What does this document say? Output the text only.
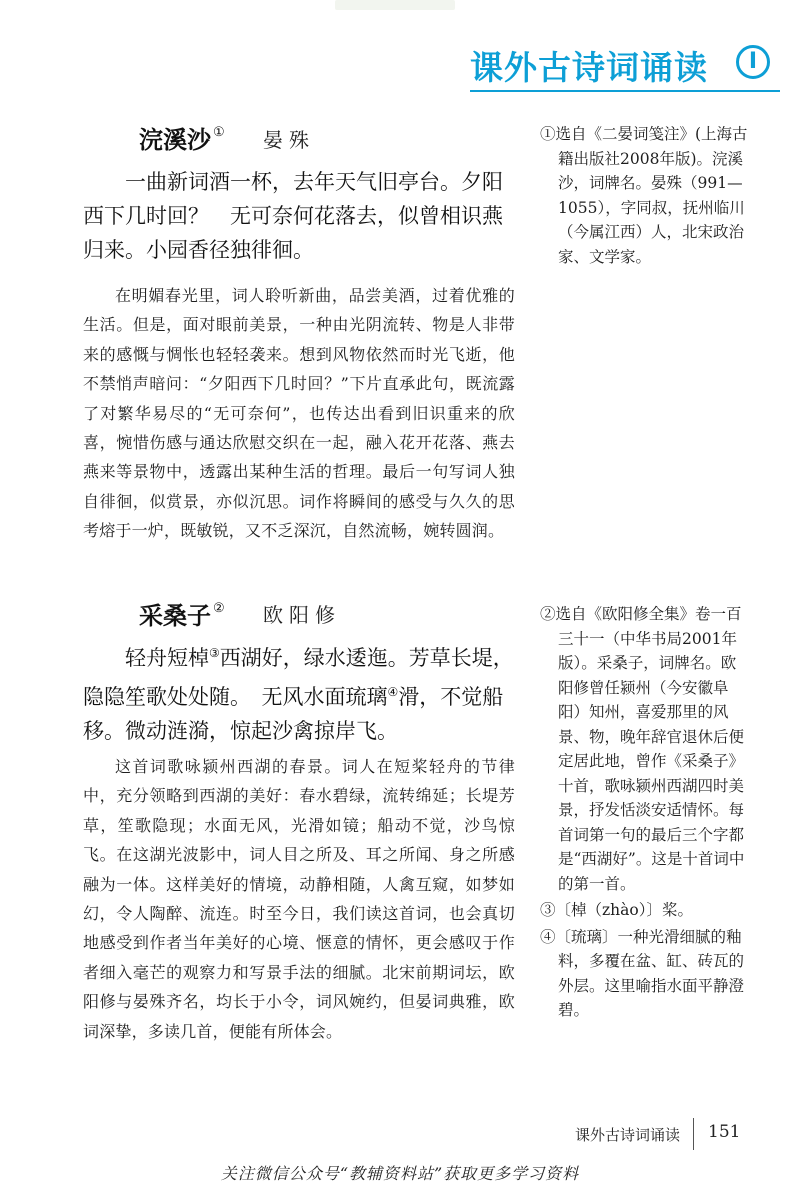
课外古诗词诵读	Ⅰ
浣溪沙 ① 晏殊
一曲新词酒一杯，去年天气旧亭台。夕阳西下几时回？　无可奈何花落去，似曾相识燕归来。小园香径独徘徊。
在明媚春光里，词人聆听新曲，品尝美酒，过着优雅的生活。但是，面对眼前美景，一种由光阴流转、物是人非带来的感慨与惆怅也轻轻袭来。想到风物依然而时光飞逝，他不禁悄声暗问：“夕阳西下几时回？”下片直承此句，既流露了对繁华易尽的“无可奈何”，也传达出看到旧识重来的欣喜，惋惜伤感与通达欣慰交织在一起，融入花开花落、燕去燕来等景物中，透露出某种生活的哲理。最后一句写词人独自徘徊，似赏景，亦似沉思。词作将瞬间的感受与久久的思考熔于一炉，既敏锐，又不乏深沉，自然流畅，婉转圆润。
采桑子 ② 欧阳修
轻舟短棹③西湖好，绿水逶迤。芳草长堤，隐隐笙歌处处随。　无风水面琉璃④滑，不觉船移。微动涟漪，惊起沙禽掠岸飞。
这首词歌咏颍州西湖的春景。词人在短桨轻舟的节律中，充分领略到西湖的美好：春水碧绿，流转绵延；长堤芳草，笙歌隐现；水面无风，光滑如镜；船动不觉，沙鸟惊飞。在这湖光波影中，词人目之所及、耳之所闻、身之所感融为一体。这样美好的情境，动静相随，人禽互窥，如梦如幻，令人陶醉、流连。时至今日，我们读这首词，也会真切地感受到作者当年美好的心境、惬意的情怀，更会感叹于作者细入毫芒的观察力和写景手法的细腻。北宋前期词坛，欧阳修与晏殊齐名，均长于小令，词风婉约，但晏词典雅，欧词深挚，多读几首，便能有所体会。
①选自《二晏词笺注》(上海古籍出版社2008年版)。浣溪沙，词牌名。晏殊（991—1055），字同叔，抚州临川（今属江西）人，北宋政治家、文学家。
②选自《欧阳修全集》卷一百三十一（中华书局2001年版）。采桑子，词牌名。欧阳修曾任颍州（今安徽阜阳）知州，喜爱那里的风景、物，晚年辞官退休后便定居此地，曾作《采桑子》十首，歌咏颍州西湖四时美景，抒发恬淡安适情怀。每首词第一句的最后三个字都是“西湖好”。这是十首词中的第一首。
③〔棹（zhào）〕桨。
④〔琉璃〕一种光滑细腻的釉料，多覆在盆、缸、砖瓦的外层。这里喻指水面平静澄碧。
课外古诗词诵读 151
关注微信公众号“教辅资料站”获取更多学习资料
